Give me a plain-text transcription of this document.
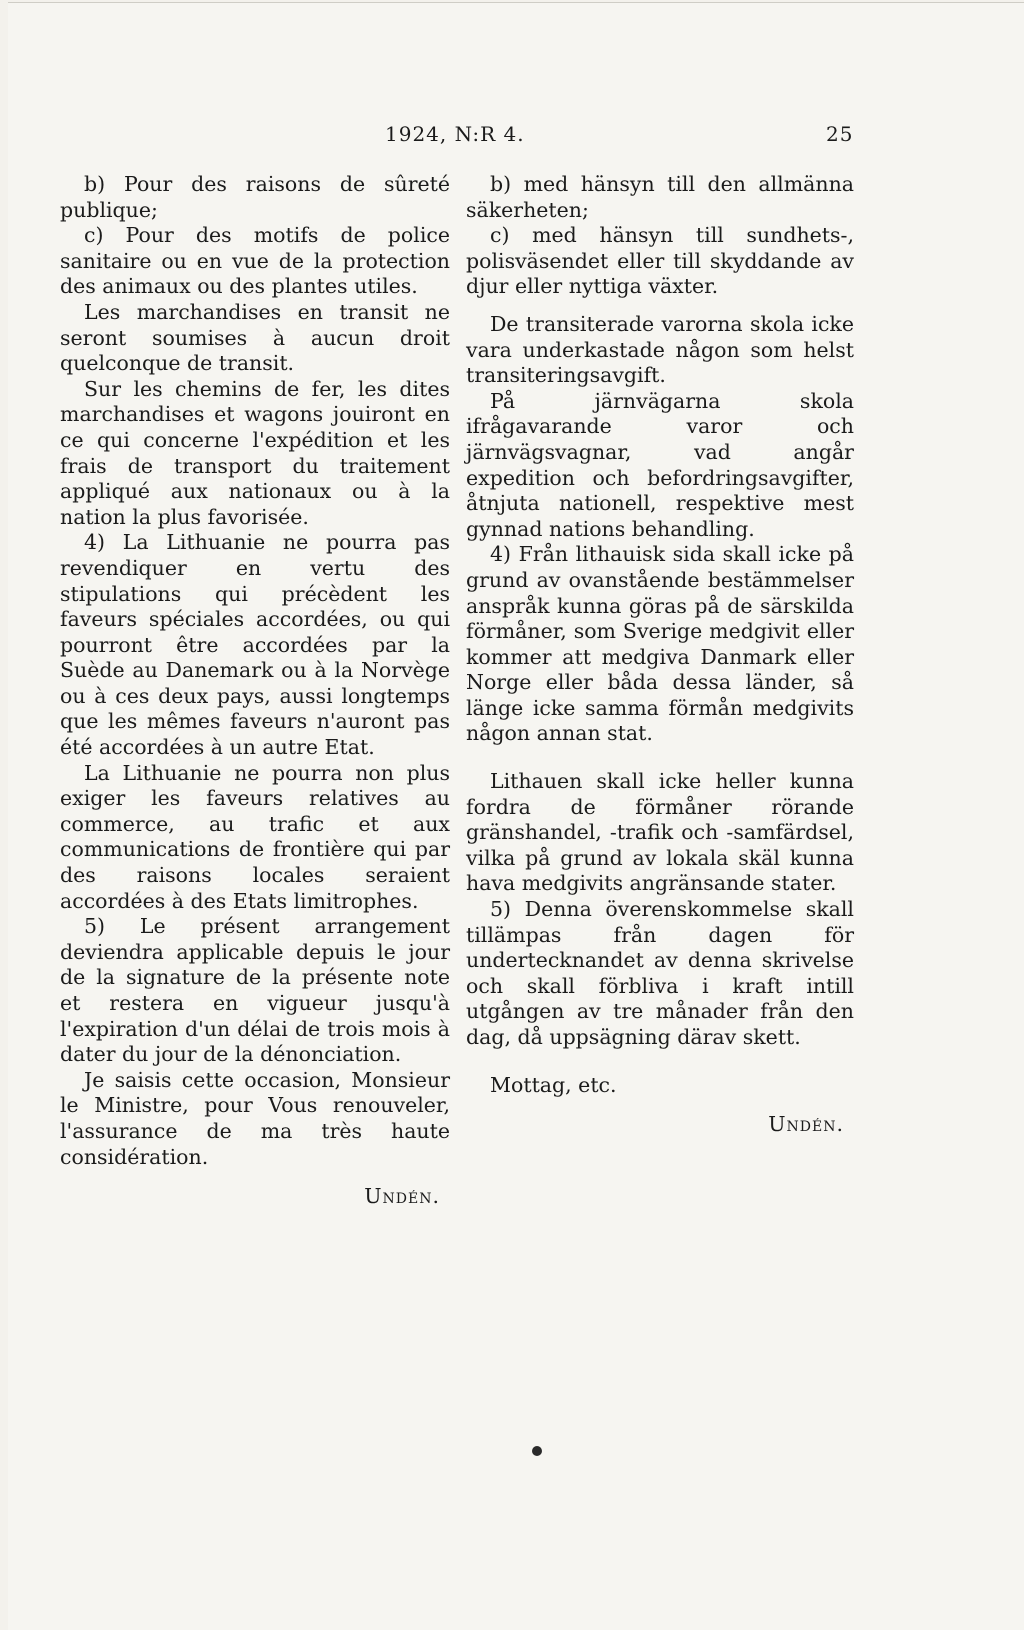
1924, N:R 4.	25

b) Pour des raisons de sûreté publique;

c) Pour des motifs de police sanitaire ou en vue de la protection des animaux ou des plantes utiles.

Les marchandises en transit ne seront soumises à aucun droit quelconque de transit.

Sur les chemins de fer, les dites marchandises et wagons jouiront en ce qui concerne l'expédition et les frais de transport du traitement appliqué aux nationaux ou à la nation la plus favorisée.

4) La Lithuanie ne pourra pas revendiquer en vertu des stipulations qui précèdent les faveurs spéciales accordées, ou qui pourront être accordées par la Suède au Danemark ou à la Norvège ou à ces deux pays, aussi longtemps que les mêmes faveurs n'auront pas été accordées à un autre Etat.

La Lithuanie ne pourra non plus exiger les faveurs relatives au commerce, au trafic et aux communications de frontière qui par des raisons locales seraient accordées à des Etats limitrophes.

5) Le présent arrangement deviendra applicable depuis le jour de la signature de la présente note et restera en vigueur jusqu'à l'expiration d'un délai de trois mois à dater du jour de la dénonciation.

Je saisis cette occasion, Monsieur le Ministre, pour Vous renouveler, l'assurance de ma très haute considération.

Undén.

b) med hänsyn till den allmänna säkerheten;

c) med hänsyn till sundhets-, polisväsendet eller till skyddande av djur eller nyttiga växter.

De transiterade varorna skola icke vara underkastade någon som helst transiteringsavgift.

På järnvägarna skola ifrågavarande varor och järnvägsvagnar, vad angår expedition och befordringsavgifter, åtnjuta nationell, respektive mest gynnad nations behandling.

4) Från lithauisk sida skall icke på grund av ovanstående bestämmelser anspråk kunna göras på de särskilda förmåner, som Sverige medgivit eller kommer att medgiva Danmark eller Norge eller båda dessa länder, så länge icke samma förmån medgivits någon annan stat.

Lithauen skall icke heller kunna fordra de förmåner rörande gränshandel, -trafik och -samfärdsel, vilka på grund av lokala skäl kunna hava medgivits angränsande stater.

5) Denna överenskommelse skall tillämpas från dagen för undertecknandet av denna skrivelse och skall förbliva i kraft intill utgången av tre månader från den dag, då uppsägning därav skett.

Mottag, etc.

Undén.
